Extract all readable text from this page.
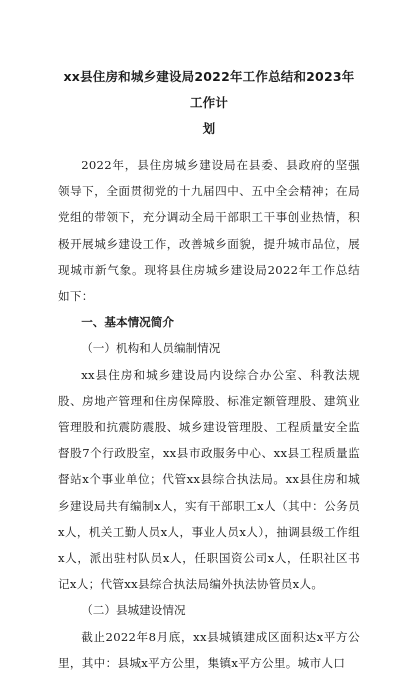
xx县住房和城乡建设局2022年工作总结和2023年工作计
划

2022年，县住房城乡建设局在县委、县政府的坚强领导下，全面贯彻党的十九届四中、五中全会精神；在局党组的带领下，充分调动全局干部职工干事创业热情，积极开展城乡建设工作，改善城乡面貌，提升城市品位，展现城市新气象。现将县住房城乡建设局2022年工作总结如下：

一、基本情况简介

（一）机构和人员编制情况

xx县住房和城乡建设局内设综合办公室、科教法规股、房地产管理和住房保障股、标准定额管理股、建筑业管理股和抗震防震股、城乡建设管理股、工程质量安全监督股7个行政股室，xx县市政服务中心、xx县工程质量监督站x个事业单位；代管xx县综合执法局。xx县住房和城乡建设局共有编制x人，实有干部职工x人（其中：公务员x人，机关工勤人员x人，事业人员x人），抽调县级工作组x人，派出驻村队员x人，任职国资公司x人，任职社区书记x人；代管xx县综合执法局编外执法协管员x人。

（二）县城建设情况

截止2022年8月底，xx县城镇建成区面积达x平方公里，其中：县城x平方公里，集镇x平方公里。城市人口
